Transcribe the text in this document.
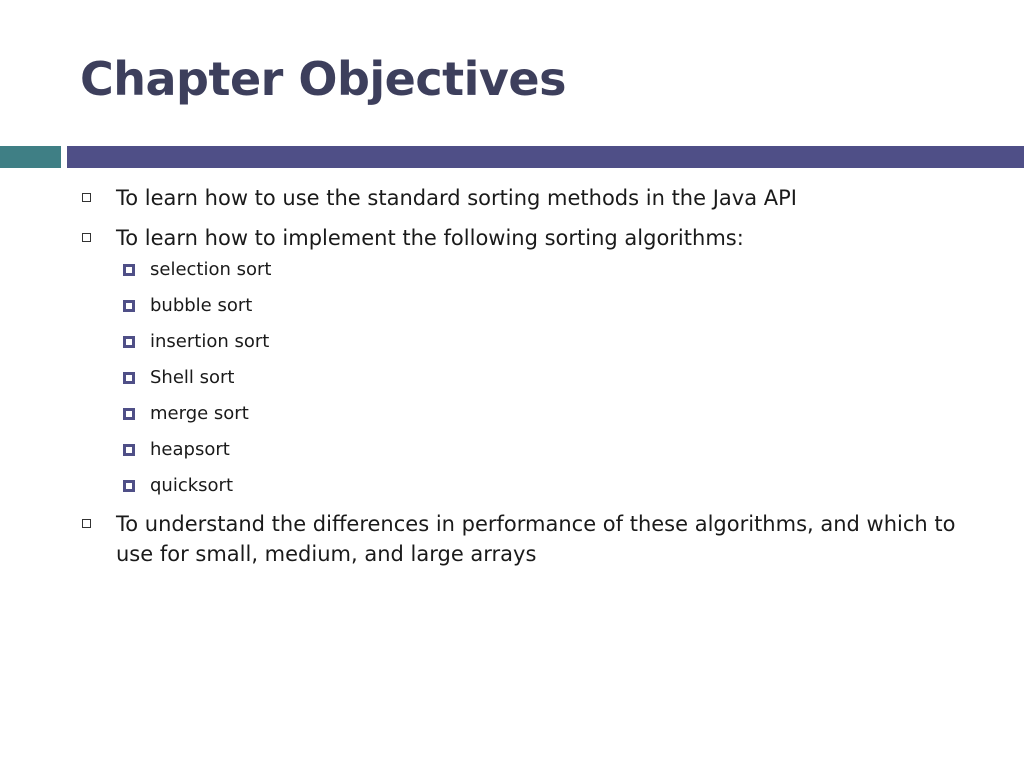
Chapter Objectives
To learn how to use the standard sorting methods in the Java API
To learn how to implement the following sorting algorithms:
selection sort
bubble sort
insertion sort
Shell sort
merge sort
heapsort
quicksort
To understand the differences in performance of these algorithms, and which to use for small, medium, and large arrays
